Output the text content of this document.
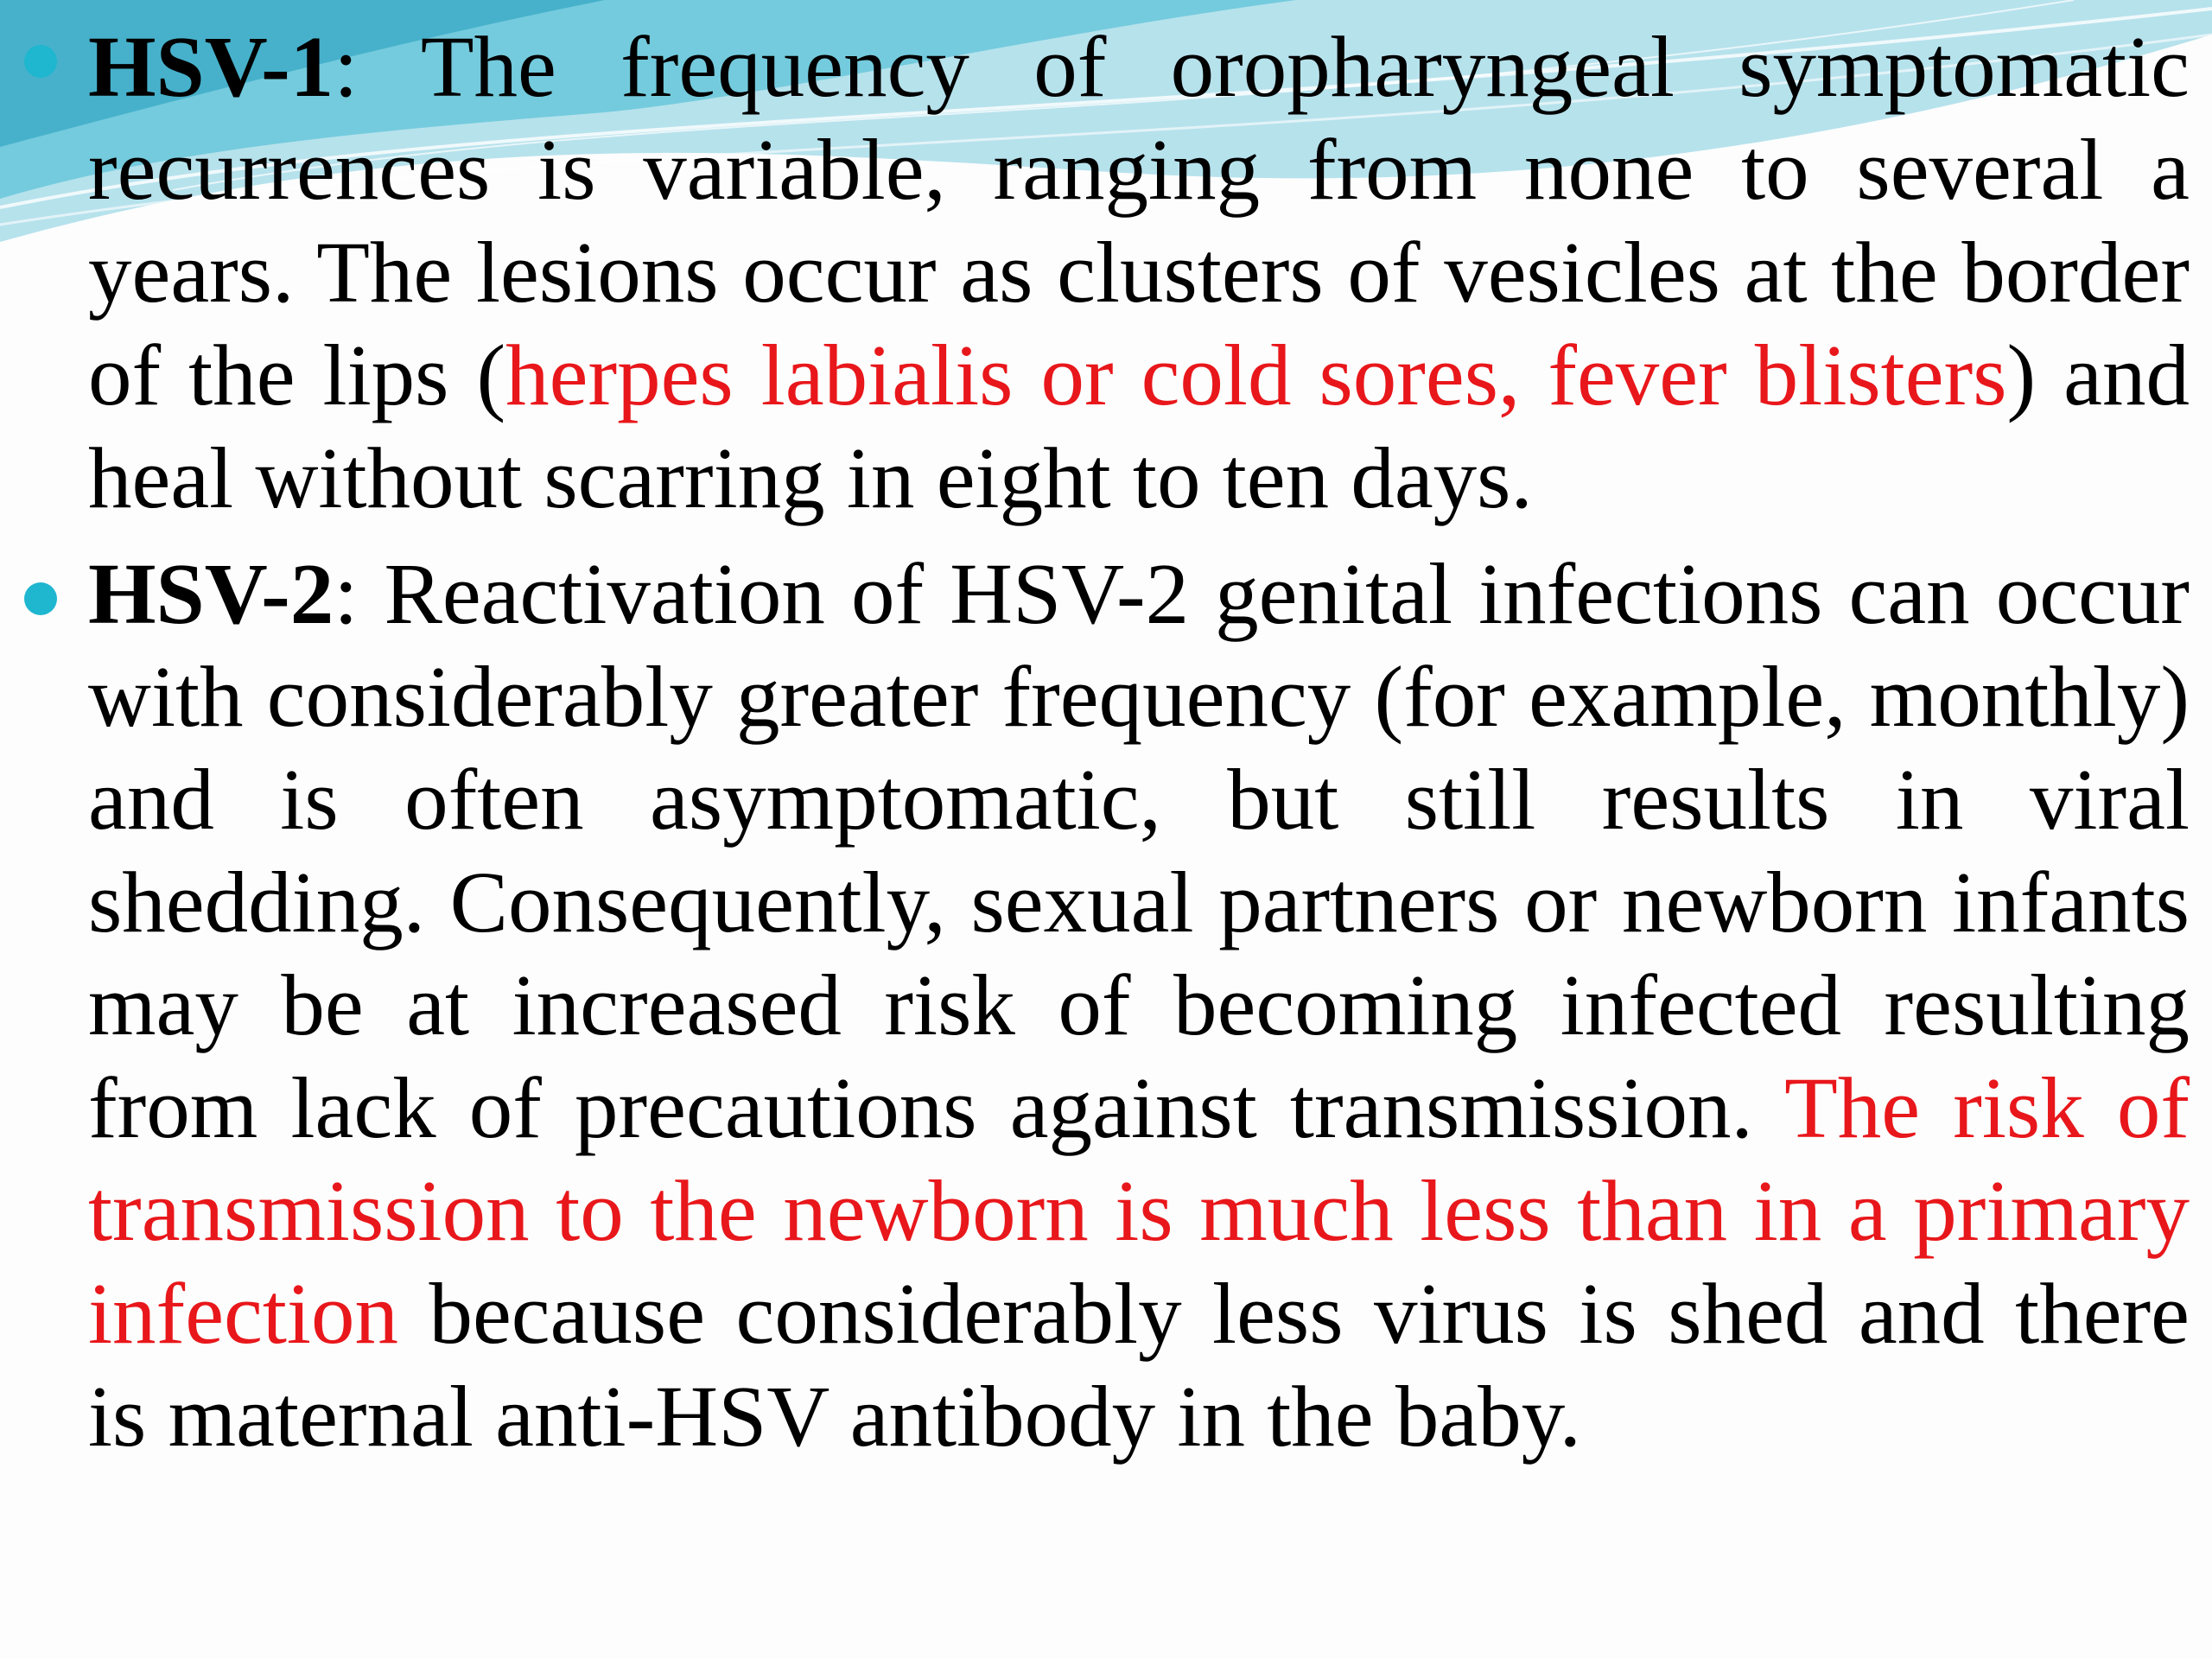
HSV-1: The frequency of oropharyngeal symptomatic recurrences is variable, ranging from none to several a years. The lesions occur as clusters of vesicles at the border of the lips (herpes labialis or cold sores, fever blisters) and heal without scarring in eight to ten days.
HSV-2: Reactivation of HSV-2 genital infections can occur with considerably greater frequency (for example, monthly) and is often asymptomatic, but still results in viral shedding. Consequently, sexual partners or newborn infants may be at increased risk of becoming infected resulting from lack of precautions against transmission. The risk of transmission to the newborn is much less than in a primary infection because considerably less virus is shed and there is maternal anti-HSV antibody in the baby.
